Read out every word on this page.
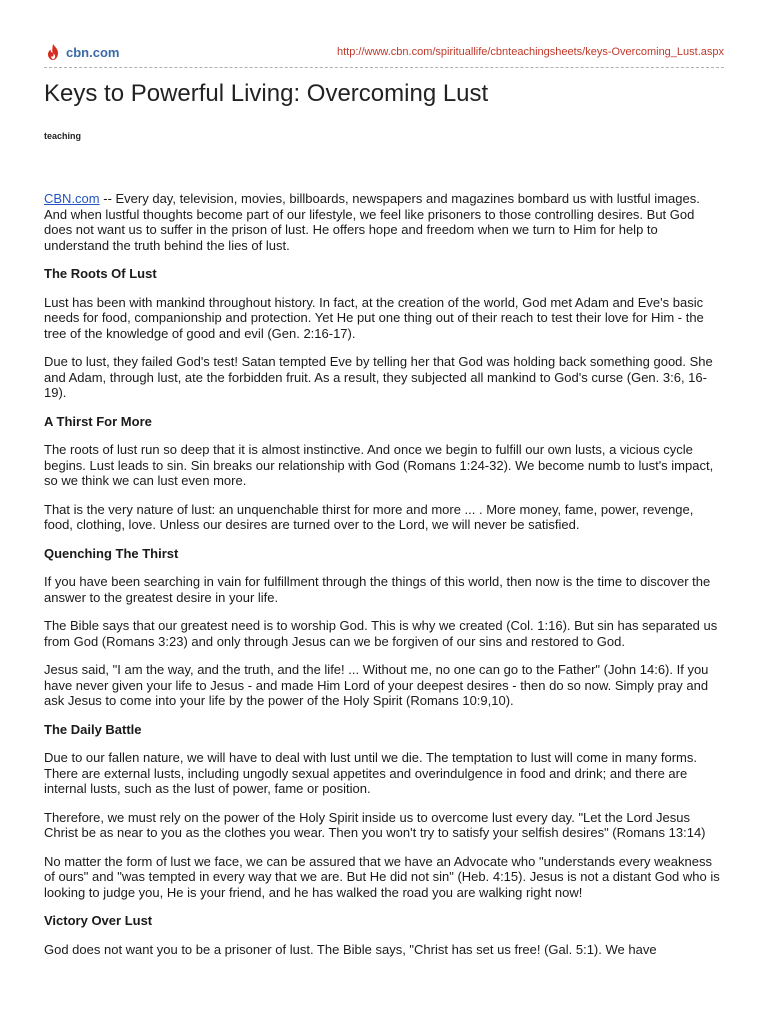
cbn.com	http://www.cbn.com/spirituallife/cbnteachingsheets/keys-Overcoming_Lust.aspx
Keys to Powerful Living: Overcoming Lust
teaching

CBN.com -- Every day, television, movies, billboards, newspapers and magazines bombard us with lustful images. And when lustful thoughts become part of our lifestyle, we feel like prisoners to those controlling desires. But God does not want us to suffer in the prison of lust. He offers hope and freedom when we turn to Him for help to understand the truth behind the lies of lust.

The Roots Of Lust

Lust has been with mankind throughout history. In fact, at the creation of the world, God met Adam and Eve's basic needs for food, companionship and protection. Yet He put one thing out of their reach to test their love for Him - the tree of the knowledge of good and evil (Gen. 2:16-17).

Due to lust, they failed God's test! Satan tempted Eve by telling her that God was holding back something good. She and Adam, through lust, ate the forbidden fruit. As a result, they subjected all mankind to God's curse (Gen. 3:6, 16-19).

A Thirst For More

The roots of lust run so deep that it is almost instinctive. And once we begin to fulfill our own lusts, a vicious cycle begins. Lust leads to sin. Sin breaks our relationship with God (Romans 1:24-32). We become numb to lust's impact, so we think we can lust even more.

That is the very nature of lust: an unquenchable thirst for more and more ... . More money, fame, power, revenge, food, clothing, love. Unless our desires are turned over to the Lord, we will never be satisfied.

Quenching The Thirst

If you have been searching in vain for fulfillment through the things of this world, then now is the time to discover the answer to the greatest desire in your life.

The Bible says that our greatest need is to worship God. This is why we created (Col. 1:16). But sin has separated us from God (Romans 3:23) and only through Jesus can we be forgiven of our sins and restored to God.

Jesus said, "I am the way, and the truth, and the life! ... Without me, no one can go to the Father" (John 14:6). If you have never given your life to Jesus - and made Him Lord of your deepest desires - then do so now. Simply pray and ask Jesus to come into your life by the power of the Holy Spirit (Romans 10:9,10).

The Daily Battle

Due to our fallen nature, we will have to deal with lust until we die. The temptation to lust will come in many forms. There are external lusts, including ungodly sexual appetites and overindulgence in food and drink; and there are internal lusts, such as the lust of power, fame or position.

Therefore, we must rely on the power of the Holy Spirit inside us to overcome lust every day. "Let the Lord Jesus Christ be as near to you as the clothes you wear. Then you won't try to satisfy your selfish desires" (Romans 13:14)

No matter the form of lust we face, we can be assured that we have an Advocate who "understands every weakness of ours" and "was tempted in every way that we are. But He did not sin" (Heb. 4:15). Jesus is not a distant God who is looking to judge you, He is your friend, and he has walked the road you are walking right now!

Victory Over Lust

God does not want you to be a prisoner of lust. The Bible says, "Christ has set us free! (Gal. 5:1). We have
